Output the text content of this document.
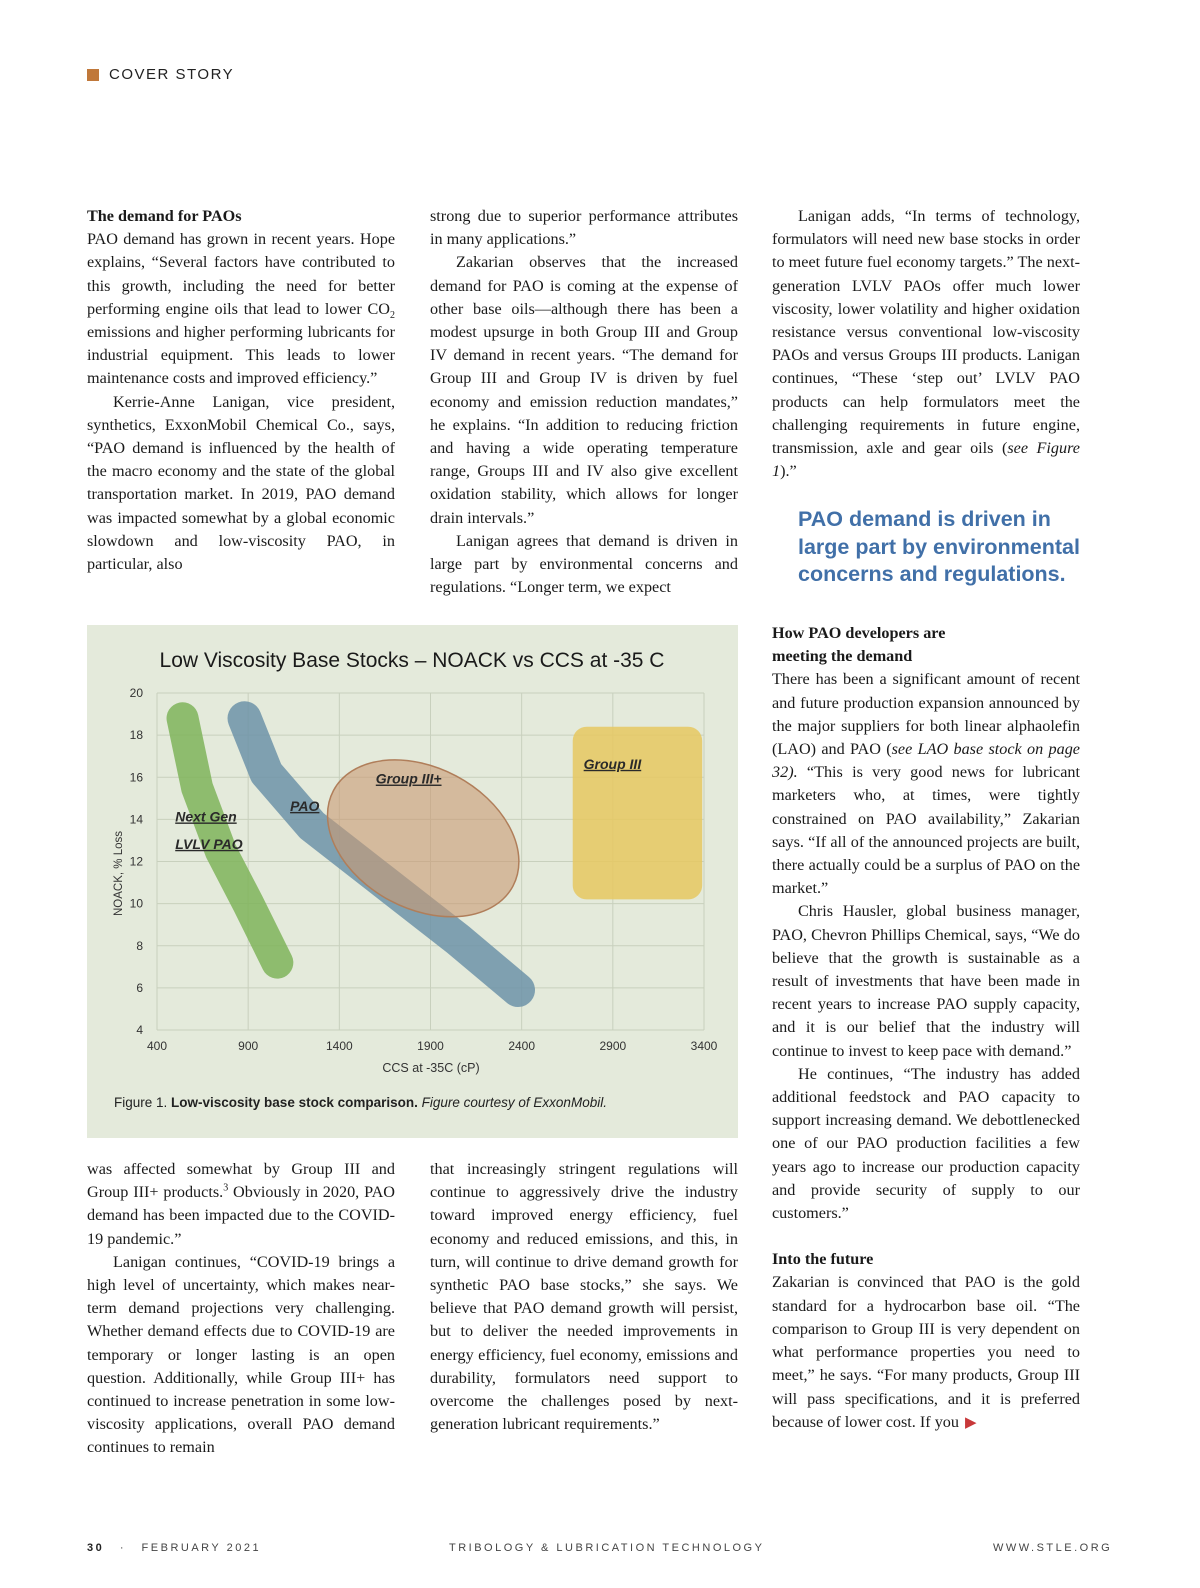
COVER STORY
The demand for PAOs

PAO demand has grown in recent years. Hope explains, “Several factors have contributed to this growth, including the need for better performing engine oils that lead to lower $CO_2$ emissions and higher performing lubricants for industrial equipment. This leads to lower maintenance costs and improved efficiency.”

Kerrie-Anne Lanigan, vice president, synthetics, ExxonMobil Chemical Co., says, “PAO demand is influenced by the health of the macro economy and the state of the global transportation market. In 2019, PAO demand was impacted somewhat by a global economic slowdown and low-viscosity PAO, in particular, also

strong due to superior performance attributes in many applications.”

Zakarian observes that the increased demand for PAO is coming at the expense of other base oils—although there has been a modest upsurge in both Group III and Group IV demand in recent years. “The demand for Group III and Group IV is driven by fuel economy and emission reduction mandates,” he explains. “In addition to reducing friction and having a wide operating temperature range, Groups III and IV also give excellent oxidation stability, which allows for longer drain intervals.”

Lanigan agrees that demand is driven in large part by environmental concerns and regulations. “Longer term, we expect

Lanigan adds, “In terms of technology, formulators will need new base stocks in order to meet future fuel economy targets.” The next-generation LVLV PAOs offer much lower viscosity, lower volatility and higher oxidation resistance versus conventional low-viscosity PAOs and versus Groups III products. Lanigan continues, “These ‘step out’ LVLV PAO products can help formulators meet the challenging requirements in future engine, transmission, axle and gear oils (see Figure 1).”

PAO demand is driven in large part by environmental concerns and regulations.
How PAO developers are
meeting the demand

There has been a significant amount of recent and future production expansion announced by the major suppliers for both linear alphaolefin (LAO) and PAO (see LAO base stock on page 32). “This is very good news for lubricant marketers who, at times, were tightly constrained on PAO availability,” Zakarian says. “If all of the announced projects are built, there actually could be a surplus of PAO on the market.”

Chris Hausler, global business manager, PAO, Chevron Phillips Chemical, says, “We do believe that the growth is sustainable as a result of investments that have been made in recent years to increase PAO supply capacity, and it is our belief that the industry will continue to invest to keep pace with demand.”

He continues, “The industry has added additional feedstock and PAO capacity to support increasing demand. We debottlenecked one of our PAO production facilities a few years ago to increase our production capacity and provide security of supply to our customers.”

Into the future

Zakarian is convinced that PAO is the gold standard for a hydrocarbon base oil. “The comparison to Group III is very dependent on what performance properties you need to meet,” he says. “For many products, Group III will pass specifications, and it is preferred because of lower cost. If you ▶

4
6
8
10
12
14
16
18
20
400	900	1400	1900	2400	2900	3400
Low Viscosity Base Stocks – NOACK vs CCS at -35 C
CCS at -35C (cP)
NOACK, % Loss
Next Gen
LVLV PAO
PAO
Group III+
Group III
Figure 1. Low-viscosity base stock comparison. Figure courtesy of ExxonMobil.

was affected somewhat by Group III and Group III+ products.$^3$ Obviously in 2020, PAO demand has been impacted due to the COVID-19 pandemic.”

Lanigan continues, “COVID-19 brings a high level of uncertainty, which makes near-term demand projections very challenging. Whether demand effects due to COVID-19 are temporary or longer lasting is an open question. Additionally, while Group III+ has continued to increase penetration in some low-viscosity applications, overall PAO demand continues to remain

that increasingly stringent regulations will continue to aggressively drive the industry toward improved energy efficiency, fuel economy and reduced emissions, and this, in turn, will continue to drive demand growth for synthetic PAO base stocks,” she says. We believe that PAO demand growth will persist, but to deliver the needed improvements in energy efficiency, fuel economy, emissions and durability, formulators need support to overcome the challenges posed by next-generation lubricant requirements.”

30 · FEBRUARY 2021	TRIBOLOGY & LUBRICATION TECHNOLOGY	WWW.STLE.ORG
